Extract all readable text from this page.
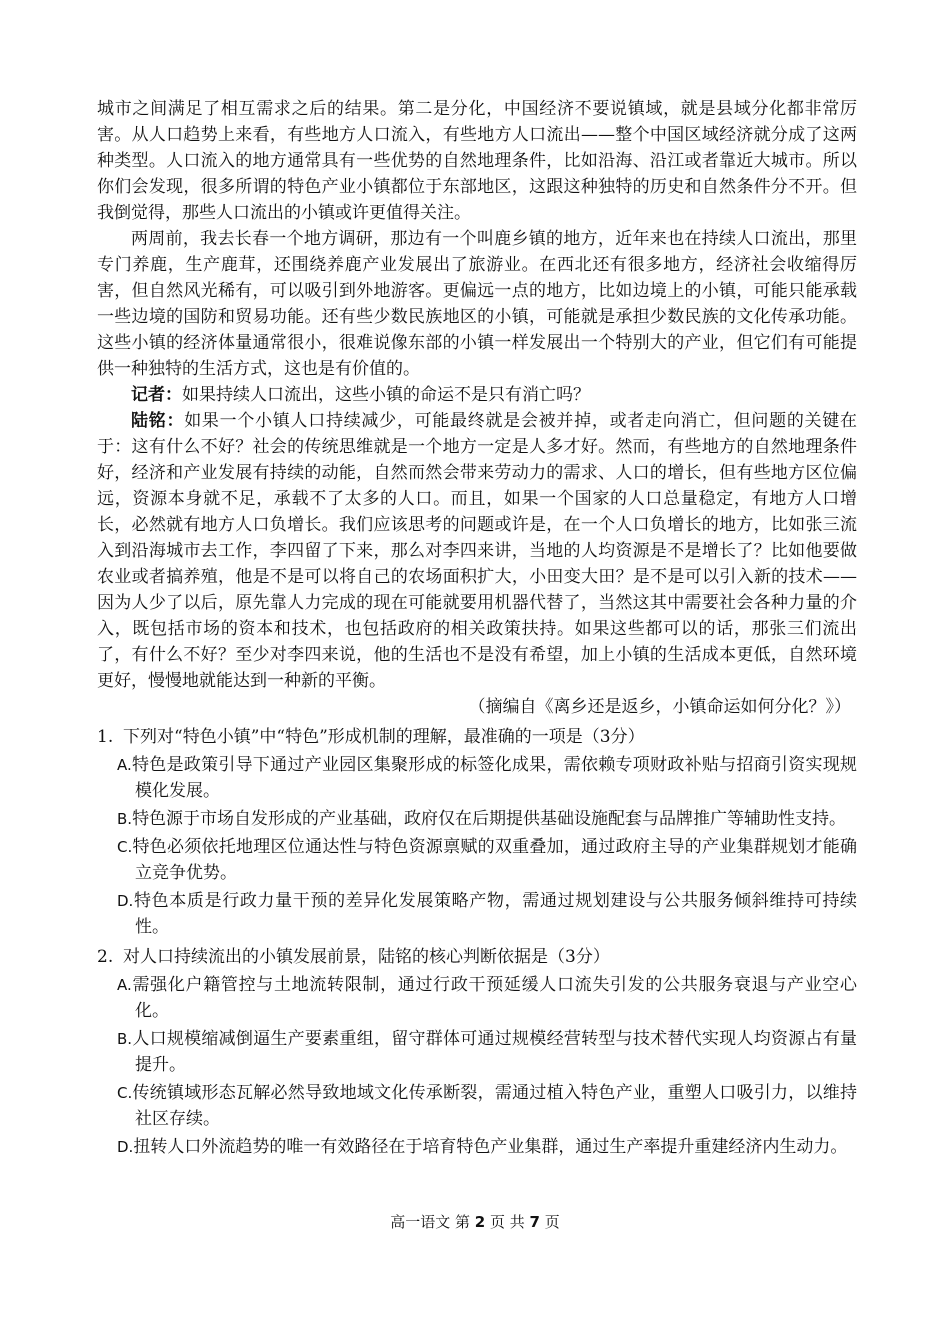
城市之间满足了相互需求之后的结果。第二是分化，中国经济不要说镇域，就是县域分化都非常厉害。从人口趋势上来看，有些地方人口流入，有些地方人口流出——整个中国区域经济就分成了这两种类型。人口流入的地方通常具有一些优势的自然地理条件，比如沿海、沿江或者靠近大城市。所以你们会发现，很多所谓的特色产业小镇都位于东部地区，这跟这种独特的历史和自然条件分不开。但我倒觉得，那些人口流出的小镇或许更值得关注。

两周前，我去长春一个地方调研，那边有一个叫鹿乡镇的地方，近年来也在持续人口流出，那里专门养鹿，生产鹿茸，还围绕养鹿产业发展出了旅游业。在西北还有很多地方，经济社会收缩得厉害，但自然风光稀有，可以吸引到外地游客。更偏远一点的地方，比如边境上的小镇，可能只能承载一些边境的国防和贸易功能。还有些少数民族地区的小镇，可能就是承担少数民族的文化传承功能。这些小镇的经济体量通常很小，很难说像东部的小镇一样发展出一个特别大的产业，但它们有可能提供一种独特的生活方式，这也是有价值的。

记者：如果持续人口流出，这些小镇的命运不是只有消亡吗？

陆铭：如果一个小镇人口持续减少，可能最终就是会被并掉，或者走向消亡，但问题的关键在于：这有什么不好？社会的传统思维就是一个地方一定是人多才好。然而，有些地方的自然地理条件好，经济和产业发展有持续的动能，自然而然会带来劳动力的需求、人口的增长，但有些地方区位偏远，资源本身就不足，承载不了太多的人口。而且，如果一个国家的人口总量稳定，有地方人口增长，必然就有地方人口负增长。我们应该思考的问题或许是，在一个人口负增长的地方，比如张三流入到沿海城市去工作，李四留了下来，那么对李四来讲，当地的人均资源是不是增长了？比如他要做农业或者搞养殖，他是不是可以将自己的农场面积扩大，小田变大田？是不是可以引入新的技术——因为人少了以后，原先靠人力完成的现在可能就要用机器代替了，当然这其中需要社会各种力量的介入，既包括市场的资本和技术，也包括政府的相关政策扶持。如果这些都可以的话，那张三们流出了，有什么不好？至少对李四来说，他的生活也不是没有希望，加上小镇的生活成本更低，自然环境更好，慢慢地就能达到一种新的平衡。

（摘编自《离乡还是返乡，小镇命运如何分化？》）

1. 下列对“特色小镇”中“特色”形成机制的理解，最准确的一项是（3分）

A.特色是政策引导下通过产业园区集聚形成的标签化成果，需依赖专项财政补贴与招商引资实现规模化发展。

B.特色源于市场自发形成的产业基础，政府仅在后期提供基础设施配套与品牌推广等辅助性支持。

C.特色必须依托地理区位通达性与特色资源禀赋的双重叠加，通过政府主导的产业集群规划才能确立竞争优势。

D.特色本质是行政力量干预的差异化发展策略产物，需通过规划建设与公共服务倾斜维持可持续性。

2. 对人口持续流出的小镇发展前景，陆铭的核心判断依据是（3分）

A.需强化户籍管控与土地流转限制，通过行政干预延缓人口流失引发的公共服务衰退与产业空心化。

B.人口规模缩减倒逼生产要素重组，留守群体可通过规模经营转型与技术替代实现人均资源占有量提升。

C.传统镇域形态瓦解必然导致地域文化传承断裂，需通过植入特色产业，重塑人口吸引力，以维持社区存续。

D.扭转人口外流趋势的唯一有效路径在于培育特色产业集群，通过生产率提升重建经济内生动力。

高一语文 第 2 页 共 7 页
